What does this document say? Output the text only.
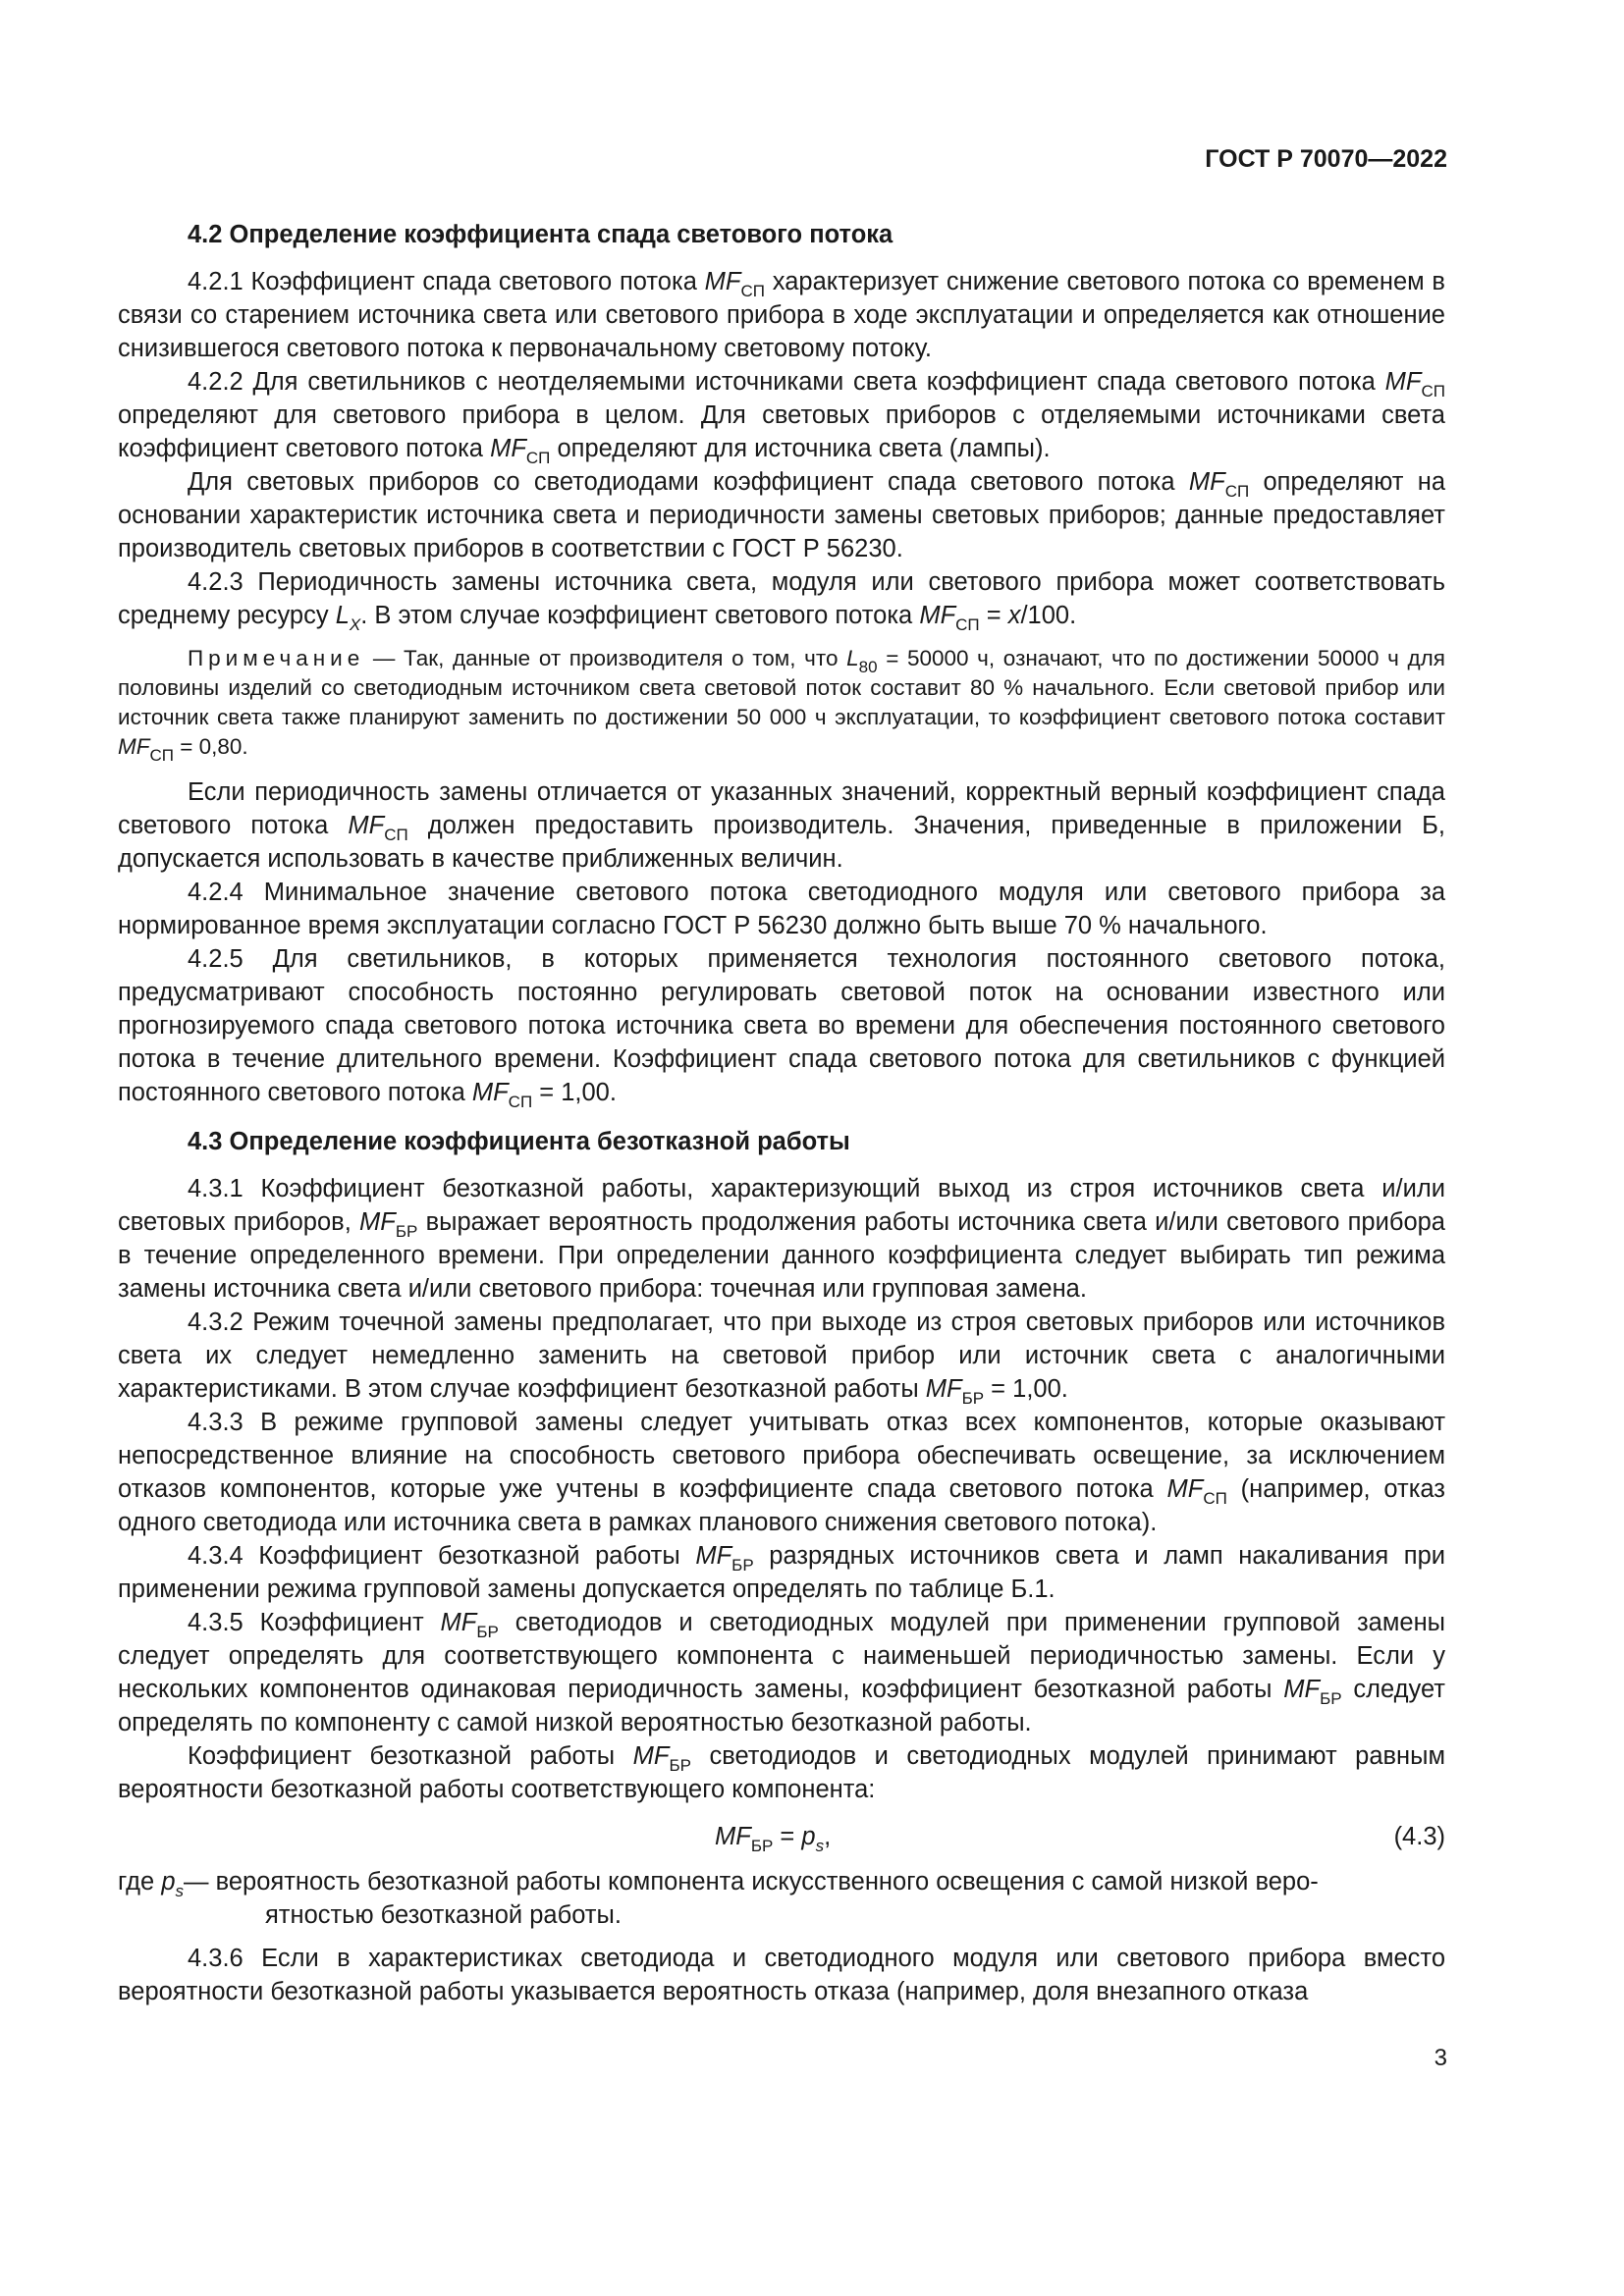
ГОСТ Р 70070—2022
4.2 Определение коэффициента спада светового потока

4.2.1 Коэффициент спада светового потока $MF_{СП}$ характеризует снижение светового потока со временем в связи со старением источника света или светового прибора в ходе эксплуатации и определяется как отношение снизившегося светового потока к первоначальному световому потоку.

4.2.2 Для светильников с неотделяемыми источниками света коэффициент спада светового потока $MF_{СП}$ определяют для светового прибора в целом. Для световых приборов с отделяемыми источниками света коэффициент светового потока $MF_{СП}$ определяют для источника света (лампы).

Для световых приборов со светодиодами коэффициент спада светового потока $MF_{СП}$ определяют на основании характеристик источника света и периодичности замены световых приборов; данные предоставляет производитель световых приборов в соответствии с ГОСТ Р 56230.

4.2.3 Периодичность замены источника света, модуля или светового прибора может соответствовать среднему ресурсу $L_X$. В этом случае коэффициент светового потока $MF_{СП} = x/100$.

Примечание — Так, данные от производителя о том, что $L_{80} = 50000$ ч, означают, что по достижении 50000 ч для половины изделий со светодиодным источником света световой поток составит 80 % начального. Если световой прибор или источник света также планируют заменить по достижении 50 000 ч эксплуатации, то коэффициент светового потока составит $MF_{СП} = 0,80$.

Если периодичность замены отличается от указанных значений, корректный верный коэффициент спада светового потока $MF_{СП}$ должен предоставить производитель. Значения, приведенные в приложении Б, допускается использовать в качестве приближенных величин.

4.2.4 Минимальное значение светового потока светодиодного модуля или светового прибора за нормированное время эксплуатации согласно ГОСТ Р 56230 должно быть выше 70 % начального.

4.2.5 Для светильников, в которых применяется технология постоянного светового потока, предусматривают способность постоянно регулировать световой поток на основании известного или прогнозируемого спада светового потока источника света во времени для обеспечения постоянного светового потока в течение длительного времени. Коэффициент спада светового потока для светильников с функцией постоянного светового потока $MF_{СП} = 1,00$.

4.3 Определение коэффициента безотказной работы

4.3.1 Коэффициент безотказной работы, характеризующий выход из строя источников света и/или световых приборов, $MF_{БР}$ выражает вероятность продолжения работы источника света и/или светового прибора в течение определенного времени. При определении данного коэффициента следует выбирать тип режима замены источника света и/или светового прибора: точечная или групповая замена.

4.3.2 Режим точечной замены предполагает, что при выходе из строя световых приборов или источников света их следует немедленно заменить на световой прибор или источник света с аналогичными характеристиками. В этом случае коэффициент безотказной работы $MF_{БР} = 1,00$.

4.3.3 В режиме групповой замены следует учитывать отказ всех компонентов, которые оказывают непосредственное влияние на способность светового прибора обеспечивать освещение, за исключением отказов компонентов, которые уже учтены в коэффициенте спада светового потока $MF_{СП}$ (например, отказ одного светодиода или источника света в рамках планового снижения светового потока).

4.3.4 Коэффициент безотказной работы $MF_{БР}$ разрядных источников света и ламп накаливания при применении режима групповой замены допускается определять по таблице Б.1.

4.3.5 Коэффициент $MF_{БР}$ светодиодов и светодиодных модулей при применении групповой замены следует определять для соответствующего компонента с наименьшей периодичностью замены. Если у нескольких компонентов одинаковая периодичность замены, коэффициент безотказной работы $MF_{БР}$ следует определять по компоненту с самой низкой вероятностью безотказной работы.

Коэффициент безотказной работы $MF_{БР}$ светодиодов и светодиодных модулей принимают равным вероятности безотказной работы соответствующего компонента:

$MF_{БР} = p_s$,	(4.3)

где $p_s—$ вероятность безотказной работы компонента искусственного освещения с самой низкой веро-

ятностью безотказной работы.

4.3.6 Если в характеристиках светодиода и светодиодного модуля или светового прибора вместо вероятности безотказной работы указывается вероятность отказа (например, доля внезапного отказа

3
